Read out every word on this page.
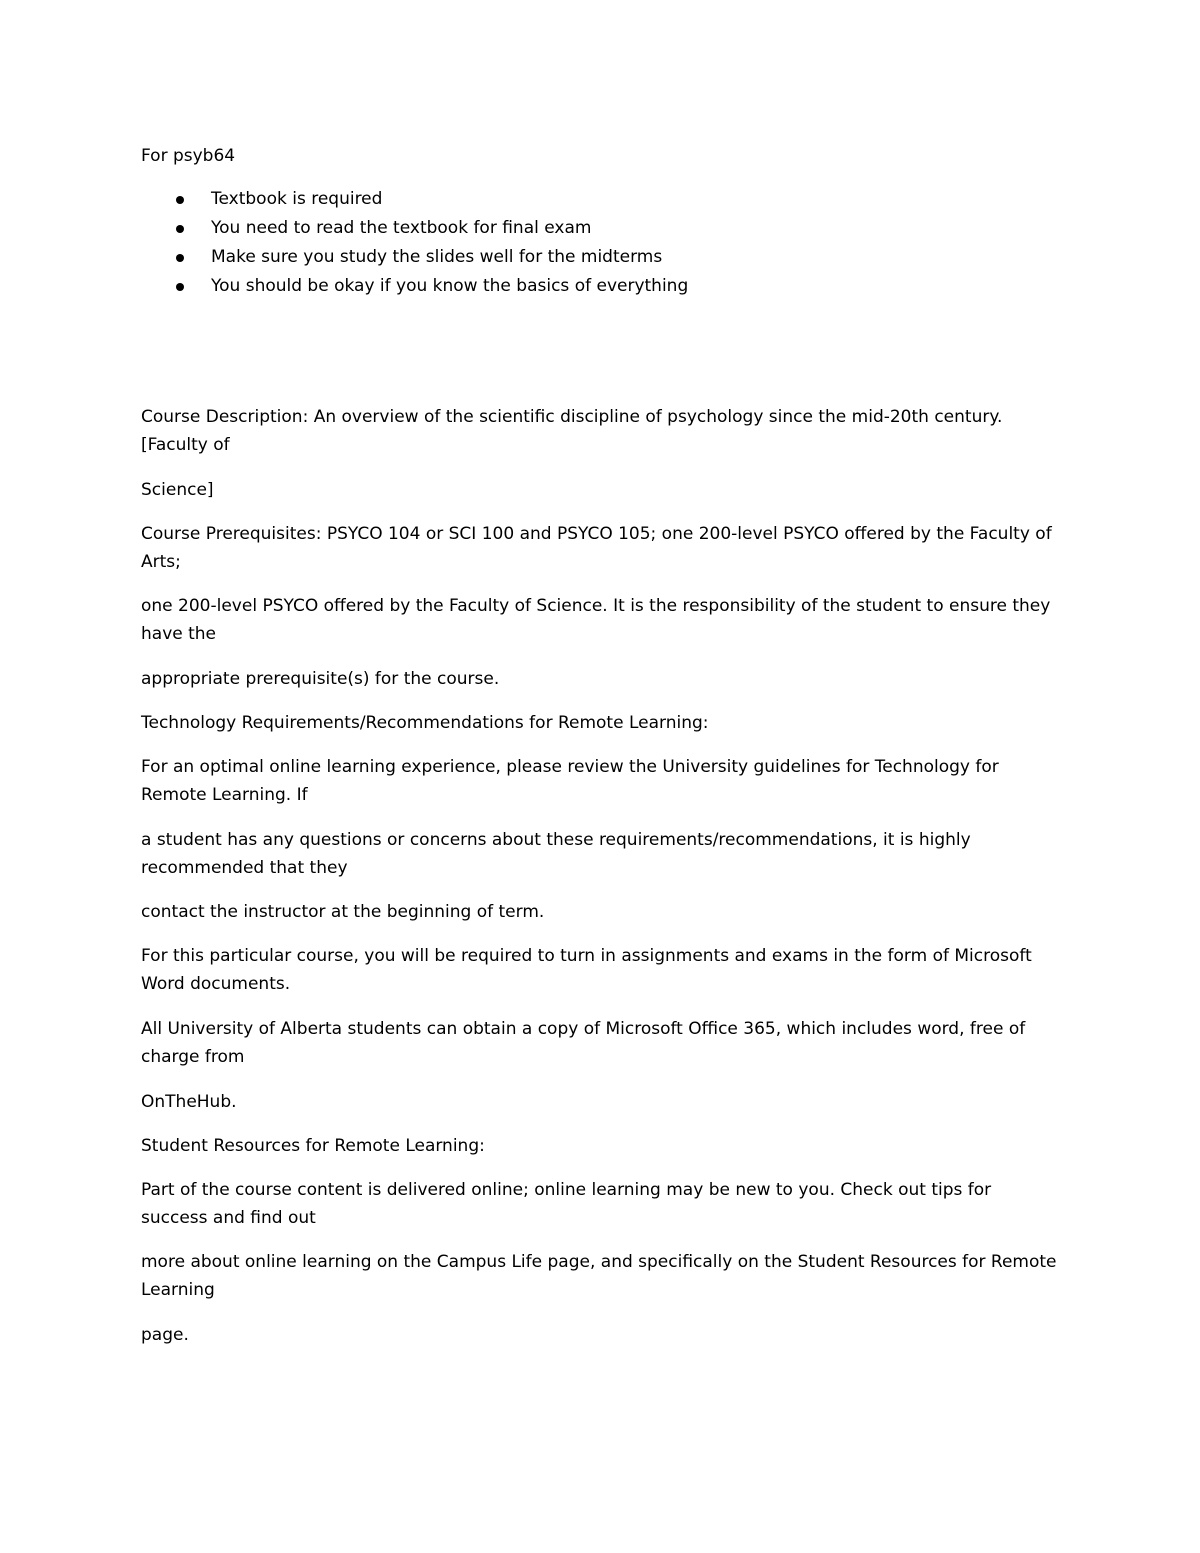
For psyb64

Textbook is required
You need to read the textbook for final exam
Make sure you study the slides well for the midterms
You should be okay if you know the basics of everything

Course Description: An overview of the scientific discipline of psychology since the mid-20th century. [Faculty of

Science]

Course Prerequisites: PSYCO 104 or SCI 100 and PSYCO 105; one 200-level PSYCO offered by the Faculty of Arts;

one 200-level PSYCO offered by the Faculty of Science. It is the responsibility of the student to ensure they have the

appropriate prerequisite(s) for the course.

Technology Requirements/Recommendations for Remote Learning:

For an optimal online learning experience, please review the University guidelines for Technology for Remote Learning. If

a student has any questions or concerns about these requirements/recommendations, it is highly recommended that they

contact the instructor at the beginning of term.

For this particular course, you will be required to turn in assignments and exams in the form of Microsoft Word documents.

All University of Alberta students can obtain a copy of Microsoft Office 365, which includes word, free of charge from

OnTheHub.

Student Resources for Remote Learning:

Part of the course content is delivered online; online learning may be new to you. Check out tips for success and find out

more about online learning on the Campus Life page, and specifically on the Student Resources for Remote Learning

page.
